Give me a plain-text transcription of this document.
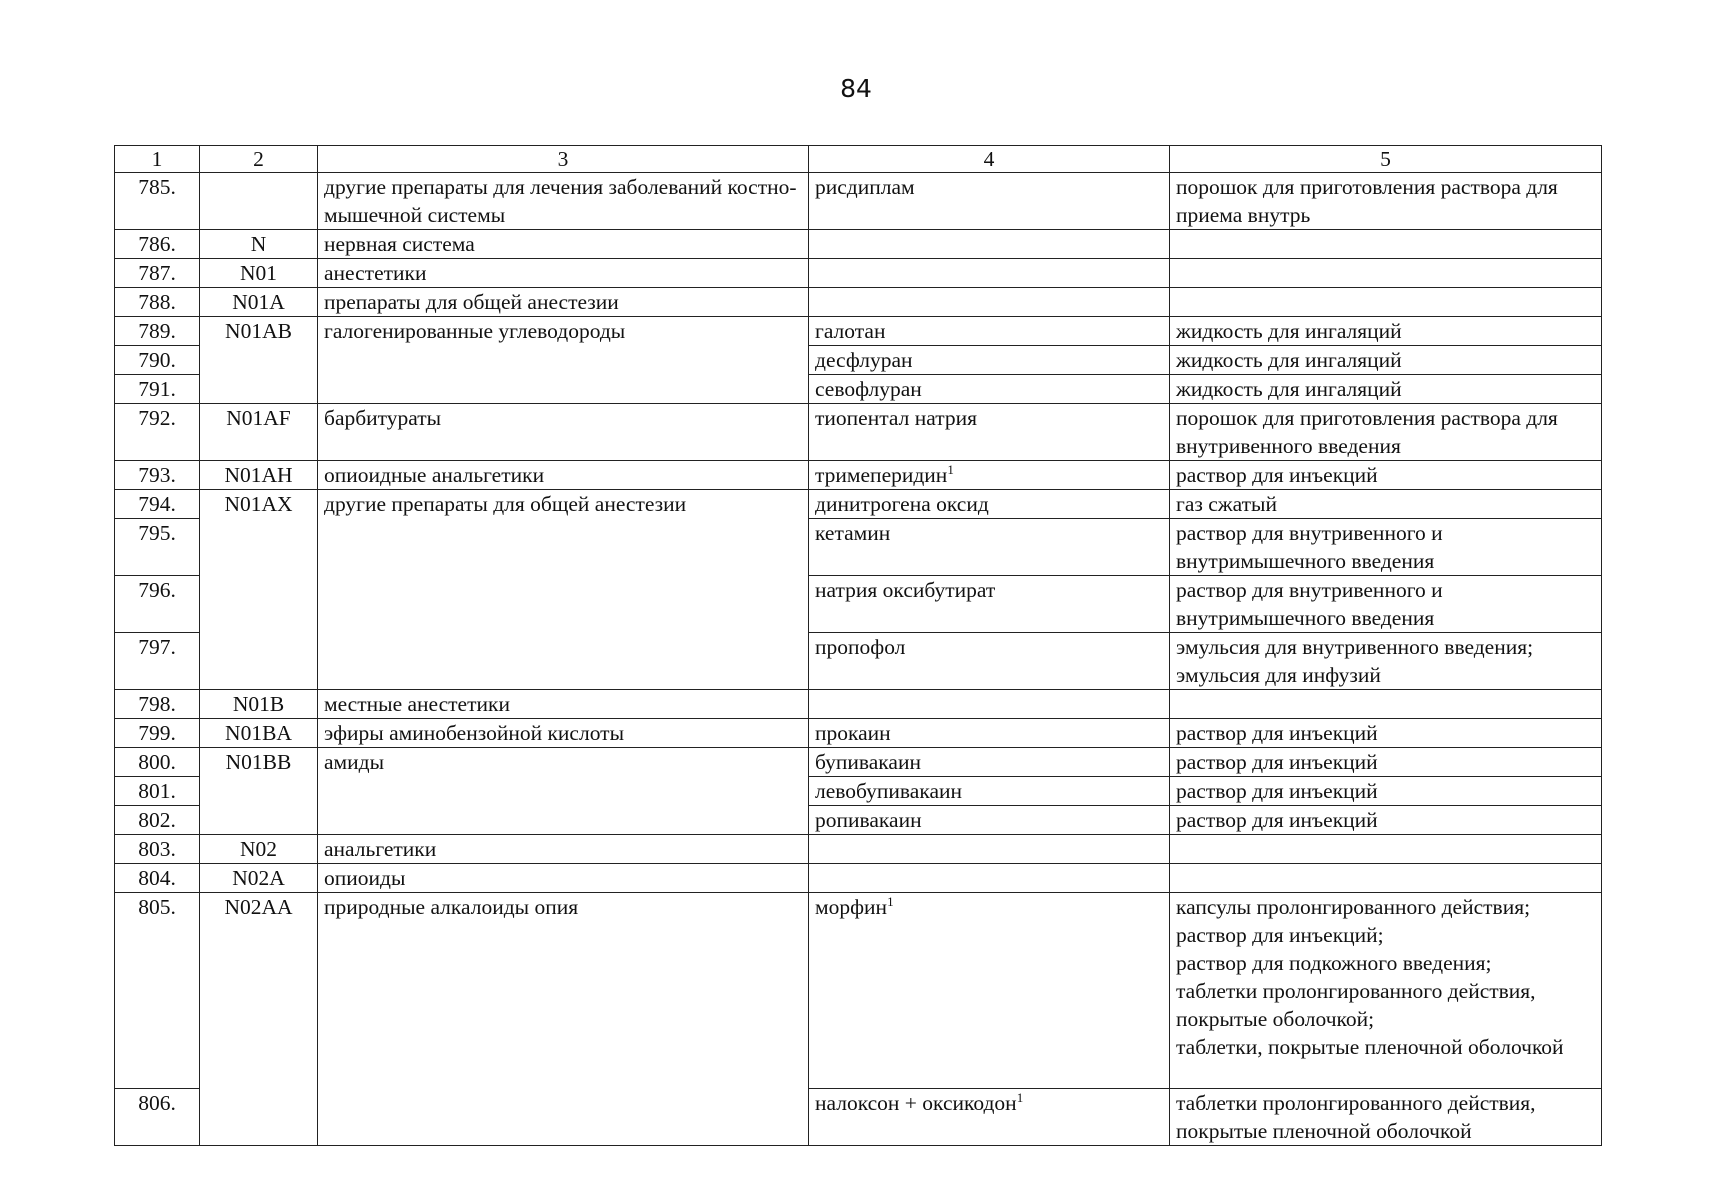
84
1	2	3	4	5
785.		другие препараты для лечения заболеваний костно-мышечной системы	рисдиплам	порошок для приготовления раствора для приема внутрь

786.	N	нервная система		
787.	N01	анестетики		
788.	N01A	препараты для общей анестезии		
789.	N01AB	галогенированные углеводороды	галотан	жидкость для ингаляций

790.			десфлуран	жидкость для ингаляций

791.			севофлуран	жидкость для ингаляций

792.	N01AF	барбитураты	тиопентал натрия	порошок для приготовления раствора для внутривенного введения

793.	N01AH	опиоидные анальгетики	тримеперидин$^1$	раствор для инъекций

794.	N01AX	другие препараты для общей анестезии	динитрогена оксид	газ сжатый

795.			кетамин	раствор для внутривенного и внутримышечного введения

796.			натрия оксибутират	раствор для внутривенного и внутримышечного введения

797.			пропофол	эмульсия для внутривенного введения;
эмульсия для инфузий

798.	N01B	местные анестетики		
799.	N01BA	эфиры аминобензойной кислоты	прокаин	раствор для инъекций

800.	N01BB	амиды	бупивакаин	раствор для инъекций

801.			левобупивакаин	раствор для инъекций

802.			ропивакаин	раствор для инъекций

803.	N02	анальгетики		
804.	N02A	опиоиды		
805.	N02AA	природные алкалоиды опия	морфин$^1$	капсулы пролонгированного действия;
раствор для инъекций;
раствор для подкожного введения;
таблетки пролонгированного действия, покрытые оболочкой;
таблетки, покрытые пленочной оболочкой

806.			налоксон + оксикодон$^1$	таблетки пролонгированного действия, покрытые пленочной оболочкой
